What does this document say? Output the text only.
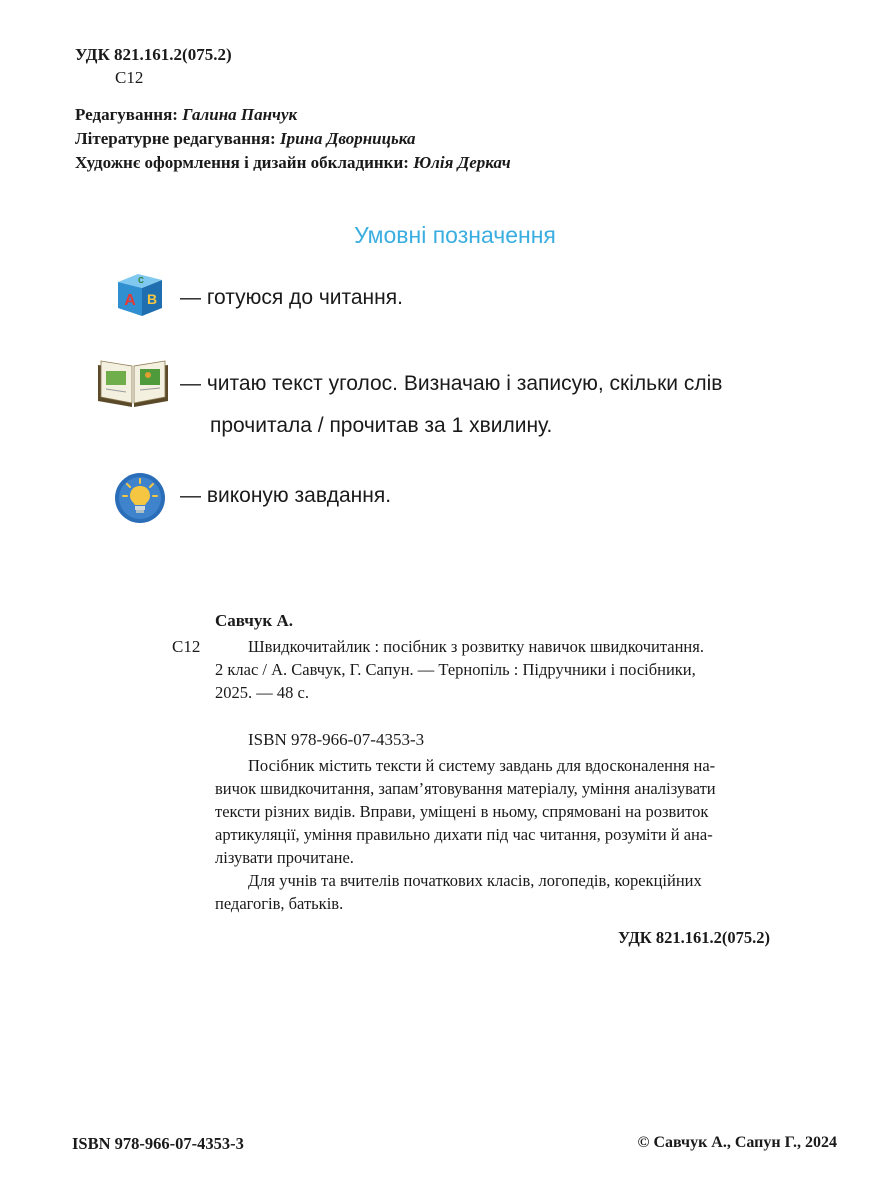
УДК 821.161.2(075.2)
С12
Редагування: Галина Панчук
Літературне редагування: Ірина Дворницька
Художнє оформлення і дизайн обкладинки: Юлія Деркач
Умовні позначення
A B
C
— готуюся до читання.
— читаю текст уголос. Визначаю і записую, скільки слів
прочитала / прочитав за 1 хвилину.
— виконую завдання.
Савчук А.
С12	Швидкочитайлик : посібник з розвитку навичок швидкочитання.

2 клас / А. Савчук, Г. Сапун. — Тернопіль : Підручники і посібники,

2025. — 48 с.

ISBN 978-966-07-4353-3
Посібник містить тексти й систему завдань для вдосконалення на-
вичок швидкочитання, запам’ятовування матеріалу, уміння аналізувати
тексти різних видів. Вправи, уміщені в ньому, спрямовані на розвиток
артикуляції, уміння правильно дихати під час читання, розуміти й ана-
лізувати прочитане.
Для учнів та вчителів початкових класів, логопедів, корекційних
педагогів, батьків.
УДК 821.161.2(075.2)
ISBN 978-966-07-4353-3	© Савчук А., Сапун Г., 2024
